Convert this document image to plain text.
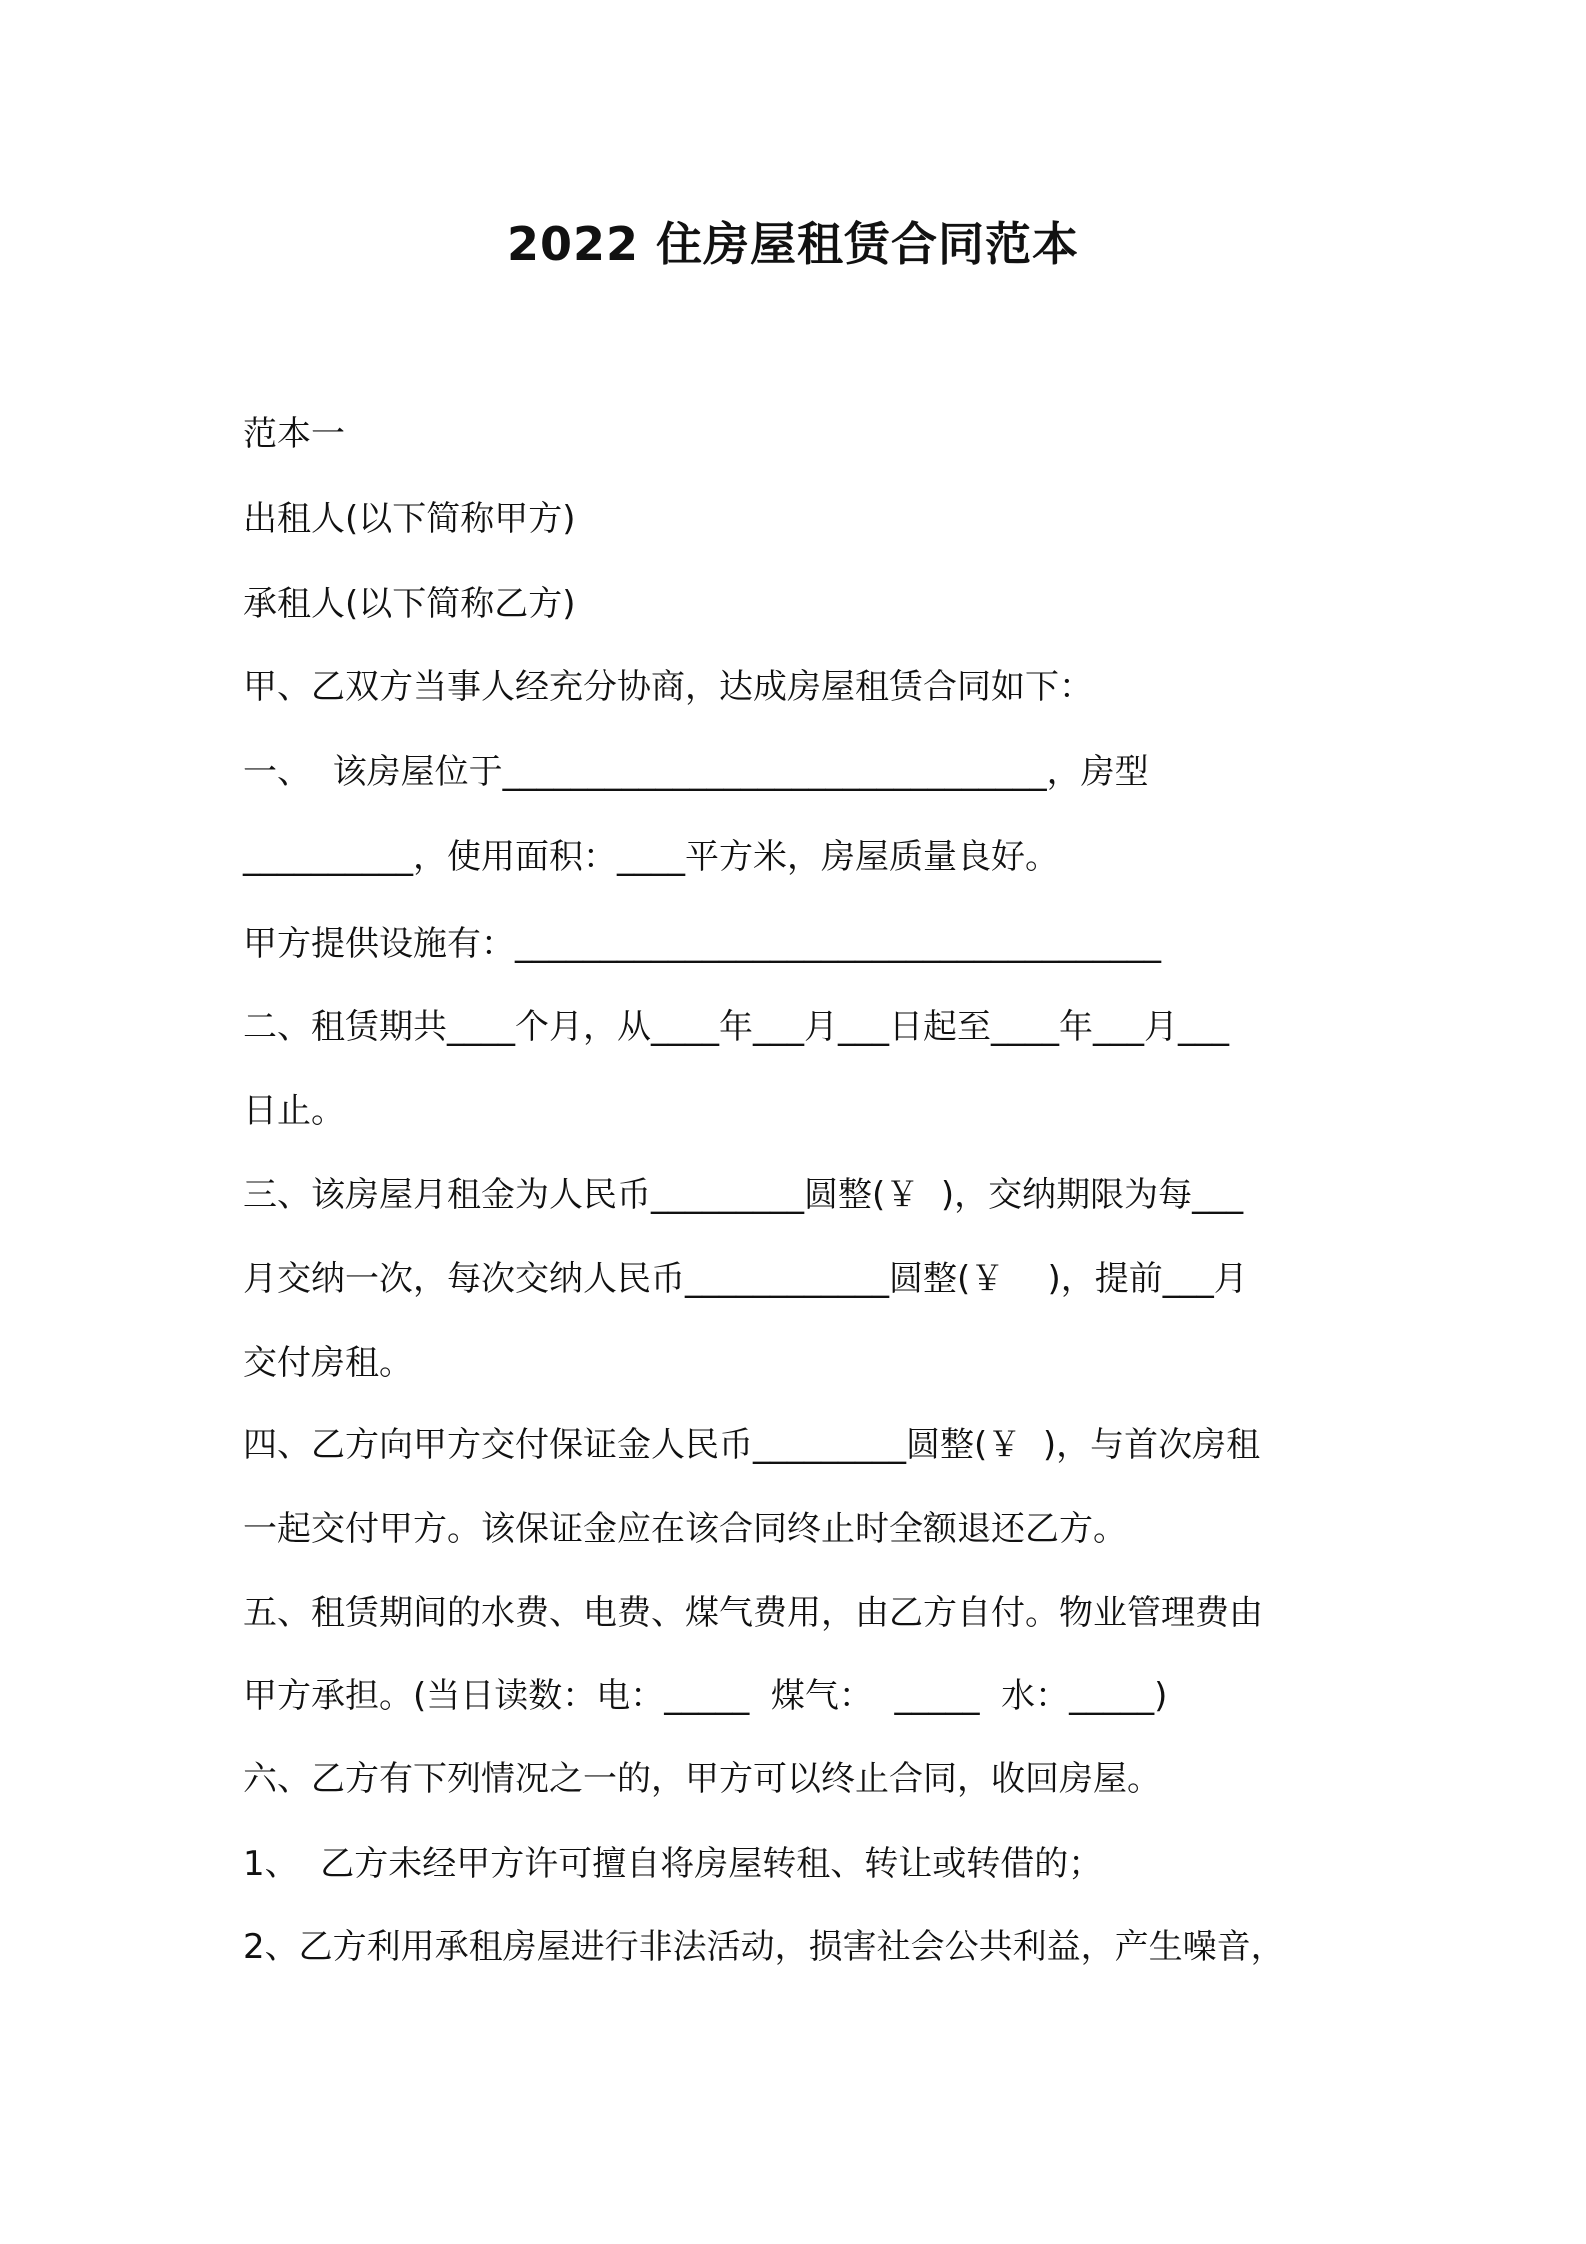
2022 住房屋租赁合同范本
范本一
出租人(以下简称甲方)
承租人(以下简称乙方)
甲、乙双方当事人经充分协商，达成房屋租赁合同如下：
一、  该房屋位于________________________________，房型
__________，使用面积：____平方米，房屋质量良好。
甲方提供设施有：______________________________________
二、租赁期共____个月，从____年___月___日起至____年___月___
日止。
三、该房屋月租金为人民币_________圆整(￥  )，交纳期限为每___
月交纳一次，每次交纳人民币____________圆整(￥    )，提前___月
交付房租。
四、乙方向甲方交付保证金人民币_________圆整(￥  )，与首次房租
一起交付甲方。该保证金应在该合同终止时全额退还乙方。
五、租赁期间的水费、电费、煤气费用，由乙方自付。物业管理费由
甲方承担。(当日读数：电：_____  煤气：  _____  水：_____)
六、乙方有下列情况之一的，甲方可以终止合同，收回房屋。
1、  乙方未经甲方许可擅自将房屋转租、转让或转借的；
2、乙方利用承租房屋进行非法活动，损害社会公共利益，产生噪音，
